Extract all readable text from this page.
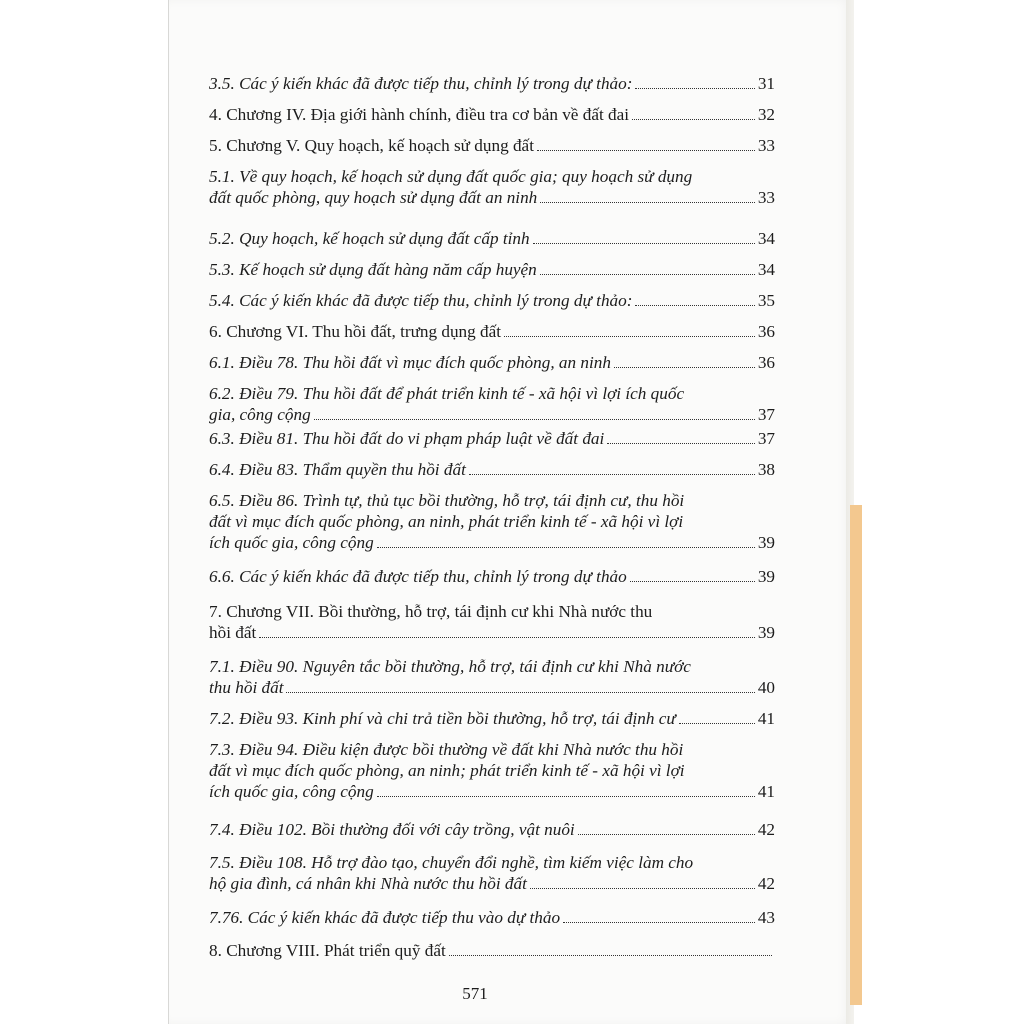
3.5. Các ý kiến khác đã được tiếp thu, chỉnh lý trong dự thảo:	31
4. Chương IV. Địa giới hành chính, điều tra cơ bản về đất đai	32
5. Chương V. Quy hoạch, kế hoạch sử dụng đất	33
5.1. Về quy hoạch, kế hoạch sử dụng đất quốc gia; quy hoạch sử dụng
đất quốc phòng, quy hoạch sử dụng đất an ninh	33
5.2. Quy hoạch, kế hoạch sử dụng đất cấp tỉnh	34
5.3. Kế hoạch sử dụng đất hàng năm cấp huyện	34
5.4. Các ý kiến khác đã được tiếp thu, chỉnh lý trong dự thảo:	35
6. Chương VI. Thu hồi đất, trưng dụng đất	36
6.1. Điều 78. Thu hồi đất vì mục đích quốc phòng, an ninh	36
6.2. Điều 79. Thu hồi đất để phát triển kinh tế - xã hội vì lợi ích quốc
gia, công cộng	37
6.3. Điều 81. Thu hồi đất do vi phạm pháp luật về đất đai	37
6.4. Điều 83. Thẩm quyền thu hồi đất	38
6.5. Điều 86. Trình tự, thủ tục bồi thường, hỗ trợ, tái định cư, thu hồi
đất vì mục đích quốc phòng, an ninh, phát triển kinh tế - xã hội vì lợi
ích quốc gia, công cộng	39
6.6. Các ý kiến khác đã được tiếp thu, chỉnh lý trong dự thảo	39
7. Chương VII. Bồi thường, hỗ trợ, tái định cư khi Nhà nước thu
hồi đất	39
7.1. Điều 90. Nguyên tắc bồi thường, hỗ trợ, tái định cư khi Nhà nước
thu hồi đất	40
7.2. Điều 93. Kinh phí và chi trả tiền bồi thường, hỗ trợ, tái định cư	41
7.3. Điều 94. Điều kiện được bồi thường về đất khi Nhà nước thu hồi
đất vì mục đích quốc phòng, an ninh; phát triển kinh tế - xã hội vì lợi
ích quốc gia, công cộng	41
7.4. Điều 102. Bồi thường đối với cây trồng, vật nuôi	42
7.5. Điều 108. Hỗ trợ đào tạo, chuyển đổi nghề, tìm kiếm việc làm cho
hộ gia đình, cá nhân khi Nhà nước thu hồi đất	42
7.76. Các ý kiến khác đã được tiếp thu vào dự thảo	43
8. Chương VIII. Phát triển quỹ đất
571
